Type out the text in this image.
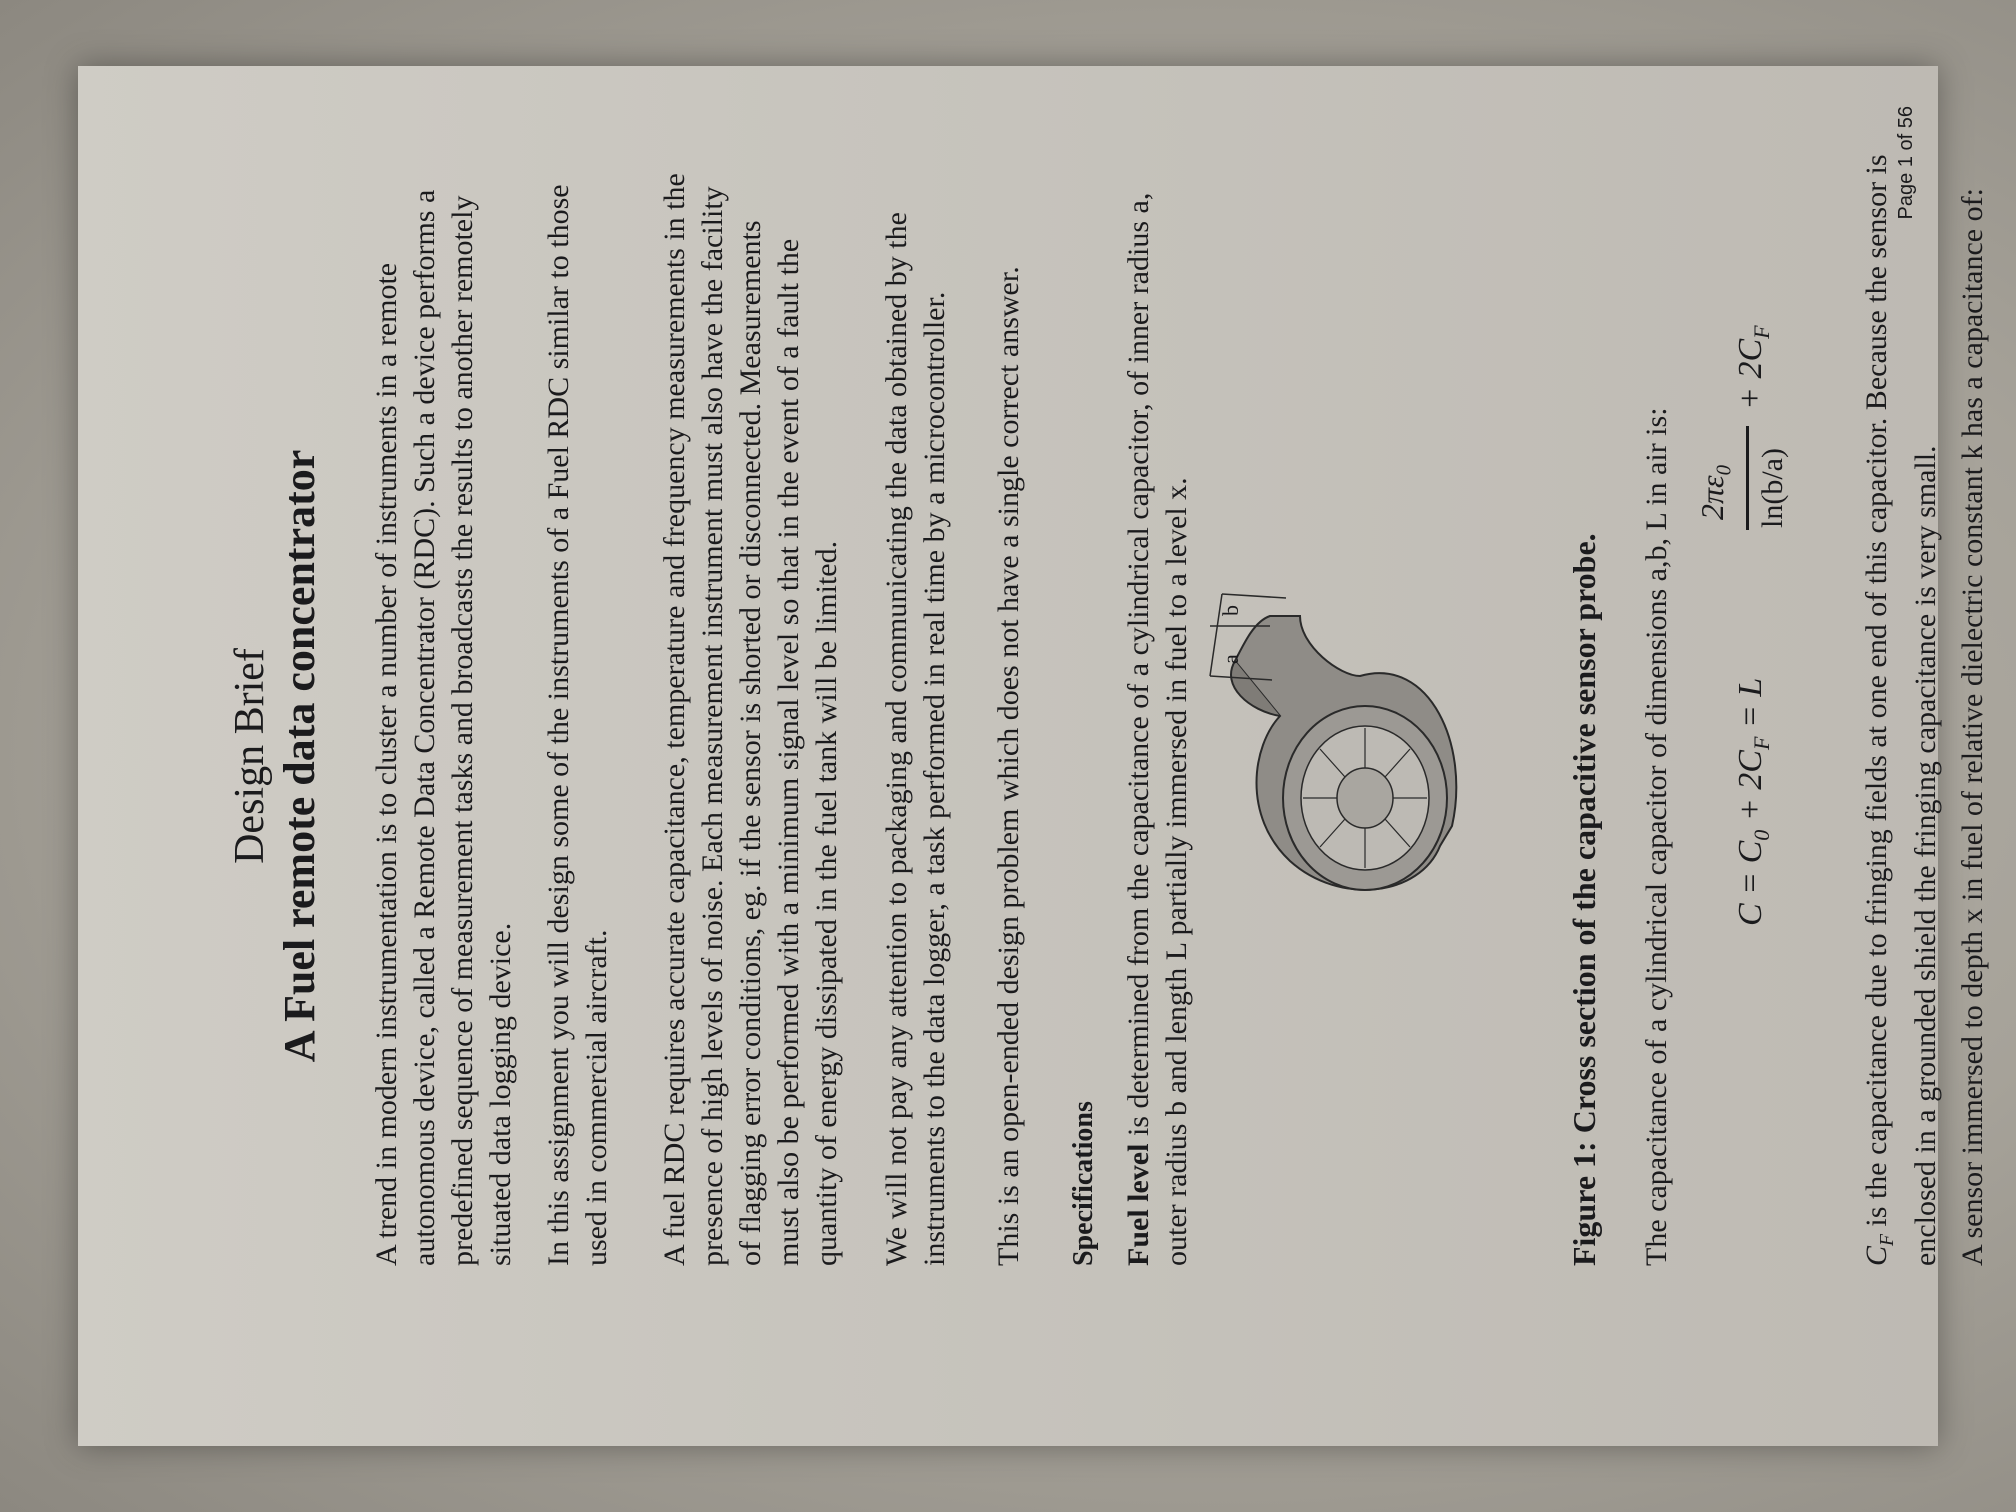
Design Brief A Fuel remote data concentrator A trend in modern instrumentation is to cluster a number of instruments in a remote autonomous device, called a Remote Data Concentrator (RDC). Such a device performs a predefined sequence of measurement tasks and broadcasts the results to another remotely situated data logging device. In this assignment you will design some of the instruments of a Fuel RDC similar to those used in commercial aircraft. A fuel RDC requires accurate capacitance, temperature and frequency measurements in the presence of high levels of noise. Each measurement instrument must also have the facility of flagging error conditions, eg. if the sensor is shorted or disconnected. Measurements must also be performed with a minimum signal level so that in the event of a fault the quantity of energy dissipated in the fuel tank will be limited. We will not pay any attention to packaging and communicating the data obtained by the instruments to the data logger, a task performed in real time by a microcontroller. This is an open-ended design problem which does not have a single correct answer. Specifications Fuel level is determined from the capacitance of a cylindrical capacitor, of inner radius a, outer radius b and length L partially immersed in fuel to a level x. a
b	Figure 1: Cross section of the capacitive sensor probe. The capacitance of a cylindrical capacitor of dimensions a,b, L in air is: $C = C_0 + 2C_F = L$
$2\pi\varepsilon_0$ ln(b/a)
+ $2C_F$
$C_F$ is the capacitance due to fringing fields at one end of this capacitor. Because the sensor is enclosed in a grounded shield the fringing capacitance is very small. A sensor immersed to depth x in fuel of relative dielectric constant k has a capacitance of:
Page 1 of 56
